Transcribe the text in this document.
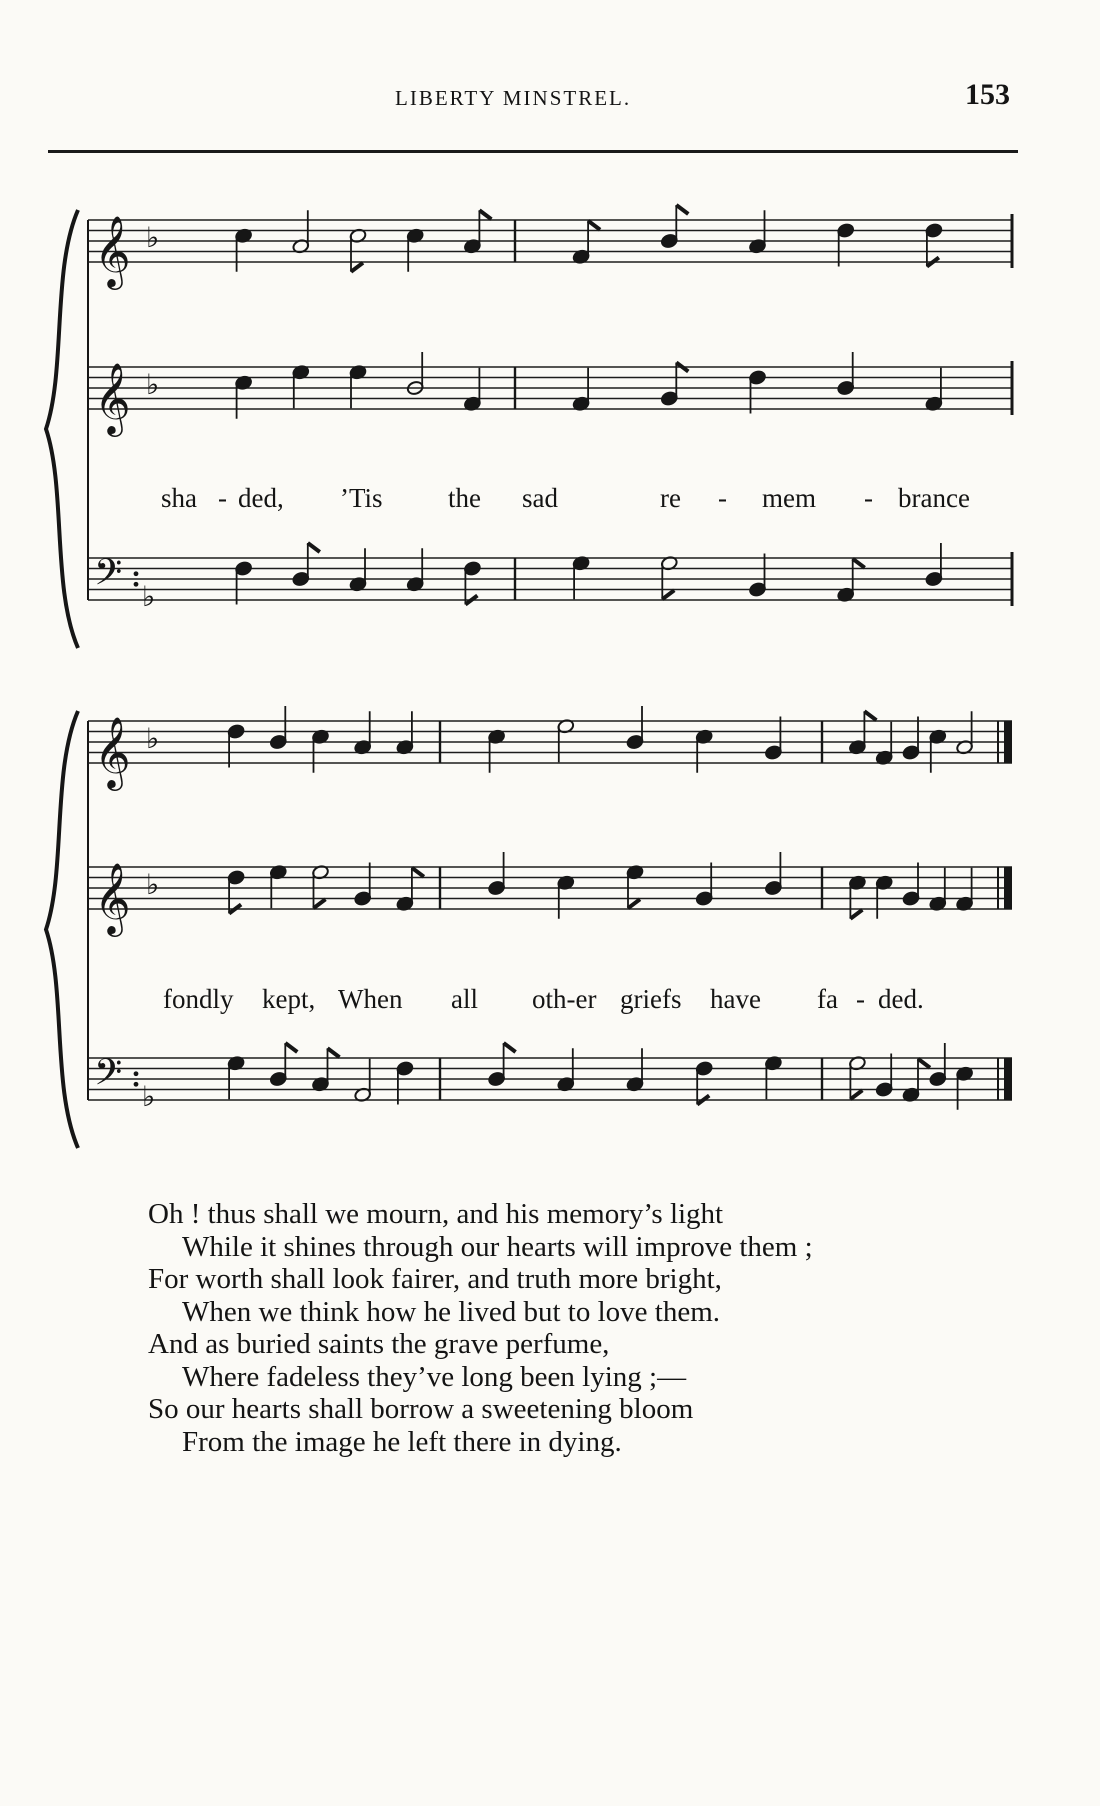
LIBERTY MINSTREL.	153
𝄞 ♭
𝄞 ♭
𝄢 ♭
𝄞 ♭
𝄞 ♭
𝄢 ♭
sha - ded, ’Tis the sad	re - mem - brance
fondly kept, When all oth-er griefs have fa - ded.
Oh ! thus shall we mourn, and his memory’s light
While it shines through our hearts will improve them ;
For worth shall look fairer, and truth more bright,
When we think how he lived but to love them.
And as buried saints the grave perfume,
Where fadeless they’ve long been lying ;—
So our hearts shall borrow a sweetening bloom
From the image he left there in dying.
